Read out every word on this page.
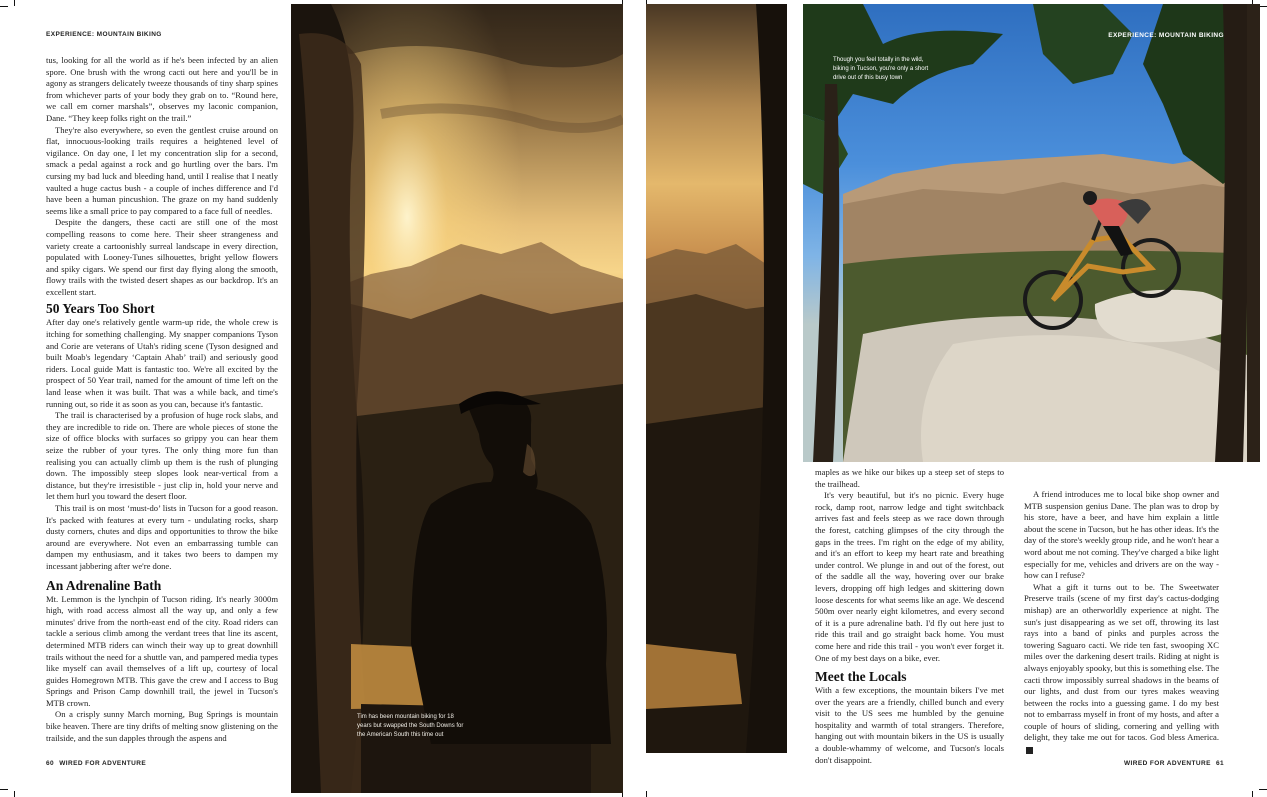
EXPERIENCE: MOUNTAIN BIKING

tus, looking for all the world as if he's been infected by an alien spore. One brush with the wrong cacti out here and you'll be in agony as strangers delicately tweeze thousands of tiny sharp spines from whichever parts of your body they grab on to. “Round here, we call em corner marshals”, observes my laconic companion, Dane. “They keep folks right on the trail.”

They're also everywhere, so even the gentlest cruise around on flat, innocuous-looking trails requires a heightened level of vigilance. On day one, I let my concentration slip for a second, smack a pedal against a rock and go hurtling over the bars. I'm cursing my bad luck and bleeding hand, until I realise that I neatly vaulted a huge cactus bush - a couple of inches difference and I'd have been a human pincushion. The graze on my hand suddenly seems like a small price to pay compared to a face full of needles.

Despite the dangers, these cacti are still one of the most compelling reasons to come here. Their sheer strangeness and variety create a cartoonishly surreal landscape in every direction, populated with Looney-Tunes silhouettes, bright yellow flowers and spiky cigars. We spend our first day flying along the smooth, flowy trails with the twisted desert shapes as our backdrop. It's an excellent start.

50 Years Too Short

After day one's relatively gentle warm-up ride, the whole crew is itching for something challenging. My snapper companions Tyson and Corie are veterans of Utah's riding scene (Tyson designed and built Moab's legendary ‘Captain Ahab’ trail) and seriously good riders. Local guide Matt is fantastic too. We're all excited by the prospect of 50 Year trail, named for the amount of time left on the land lease when it was built. That was a while back, and time's running out, so ride it as soon as you can, because it's fantastic.

The trail is characterised by a profusion of huge rock slabs, and they are incredible to ride on. There are whole pieces of stone the size of office blocks with surfaces so grippy you can hear them seize the rubber of your tyres. The only thing more fun than realising you can actually climb up them is the rush of plunging down. The impossibly steep slopes look near-vertical from a distance, but they're irresistible - just clip in, hold your nerve and let them hurl you toward the desert floor.

This trail is on most ‘must-do’ lists in Tucson for a good reason. It's packed with features at every turn - undulating rocks, sharp dusty corners, chutes and dips and opportunities to throw the bike around are everywhere. Not even an embarrassing tumble can dampen my enthusiasm, and it takes two beers to dampen my incessant jabbering after we're done.

An Adrenaline Bath

Mt. Lemmon is the lynchpin of Tucson riding. It's nearly 3000m high, with road access almost all the way up, and only a few minutes' drive from the north-east end of the city. Road riders can tackle a serious climb among the verdant trees that line its ascent, determined MTB riders can winch their way up to great downhill trails without the need for a shuttle van, and pampered media types like myself can avail themselves of a lift up, courtesy of local guides Homegrown MTB. This gave the crew and I access to Bug Springs and Prison Camp downhill trail, the jewel in Tucson's MTB crown.

On a crisply sunny March morning, Bug Springs is mountain bike heaven. There are tiny drifts of melting snow glistening on the trailside, and the sun dapples through the aspens and

60 WIRED FOR ADVENTURE
Tim has been mountain biking for 18 years but swapped the South Downs for the American South this time out
Though you feel totally in the wild, biking in Tucson, you're only a short drive out of this busy town
EXPERIENCE: MOUNTAIN BIKING

maples as we hike our bikes up a steep set of steps to the trailhead.

It's very beautiful, but it's no picnic. Every huge rock, damp root, narrow ledge and tight switchback arrives fast and feels steep as we race down through the forest, catching glimpses of the city through the gaps in the trees. I'm right on the edge of my ability, and it's an effort to keep my heart rate and breathing under control. We plunge in and out of the forest, out of the saddle all the way, hovering over our brake levers, dropping off high ledges and skittering down loose descents for what seems like an age. We descend 500m over nearly eight kilometres, and every second of it is a pure adrenaline bath. I'd fly out here just to ride this trail and go straight back home. You must come here and ride this trail - you won't ever forget it. One of my best days on a bike, ever.

Meet the Locals

With a few exceptions, the mountain bikers I've met over the years are a friendly, chilled bunch and every visit to the US sees me humbled by the genuine hospitality and warmth of total strangers. Therefore, hanging out with mountain bikers in the US is usually a double-whammy of welcome, and Tucson's locals don't disappoint.

A friend introduces me to local bike shop owner and MTB suspension genius Dane. The plan was to drop by his store, have a beer, and have him explain a little about the scene in Tucson, but he has other ideas. It's the day of the store's weekly group ride, and he won't hear a word about me not coming. They've charged a bike light especially for me, vehicles and drivers are on the way - how can I refuse?

What a gift it turns out to be. The Sweetwater Preserve trails (scene of my first day's cactus-dodging mishap) are an otherworldly experience at night. The sun's just disappearing as we set off, throwing its last rays into a band of pinks and purples across the towering Saguaro cacti. We ride ten fast, swooping XC miles over the darkening desert trails. Riding at night is always enjoyably spooky, but this is something else. The cacti throw impossibly surreal shadows in the beams of our lights, and dust from our tyres makes weaving between the rocks into a guessing game. I do my best not to embarrass myself in front of my hosts, and after a couple of hours of sliding, cornering and yelling with delight, they take me out for tacos. God bless America.

WIRED FOR ADVENTURE 61
